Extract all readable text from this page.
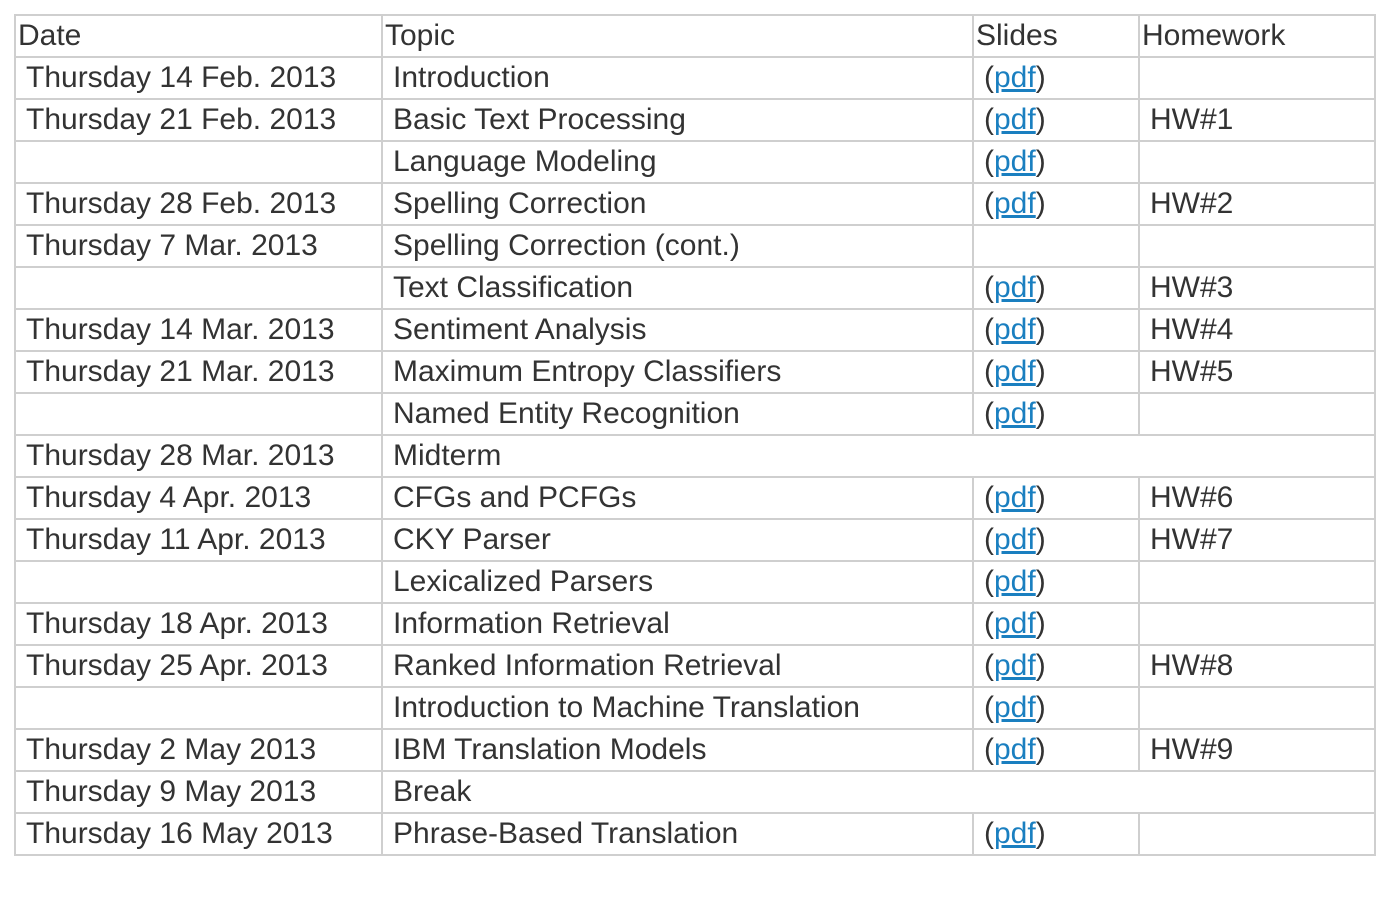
Date	Topic	Slides	Homework
Thursday 14 Feb. 2013	Introduction	(pdf)	
Thursday 21 Feb. 2013	Basic Text Processing	(pdf)	HW#1
	Language Modeling	(pdf)	
Thursday 28 Feb. 2013	Spelling Correction	(pdf)	HW#2
Thursday 7 Mar. 2013	Spelling Correction (cont.)		
	Text Classification	(pdf)	HW#3
Thursday 14 Mar. 2013	Sentiment Analysis	(pdf)	HW#4
Thursday 21 Mar. 2013	Maximum Entropy Classifiers	(pdf)	HW#5
	Named Entity Recognition	(pdf)	
Thursday 28 Mar. 2013	Midterm		
Thursday 4 Apr. 2013	CFGs and PCFGs	(pdf)	HW#6
Thursday 11 Apr. 2013	CKY Parser	(pdf)	HW#7
	Lexicalized Parsers	(pdf)	
Thursday 18 Apr. 2013	Information Retrieval	(pdf)	
Thursday 25 Apr. 2013	Ranked Information Retrieval	(pdf)	HW#8
	Introduction to Machine Translation	(pdf)	
Thursday 2 May 2013	IBM Translation Models	(pdf)	HW#9
Thursday 9 May 2013	Break		
Thursday 16 May 2013	Phrase-Based Translation	(pdf)	
